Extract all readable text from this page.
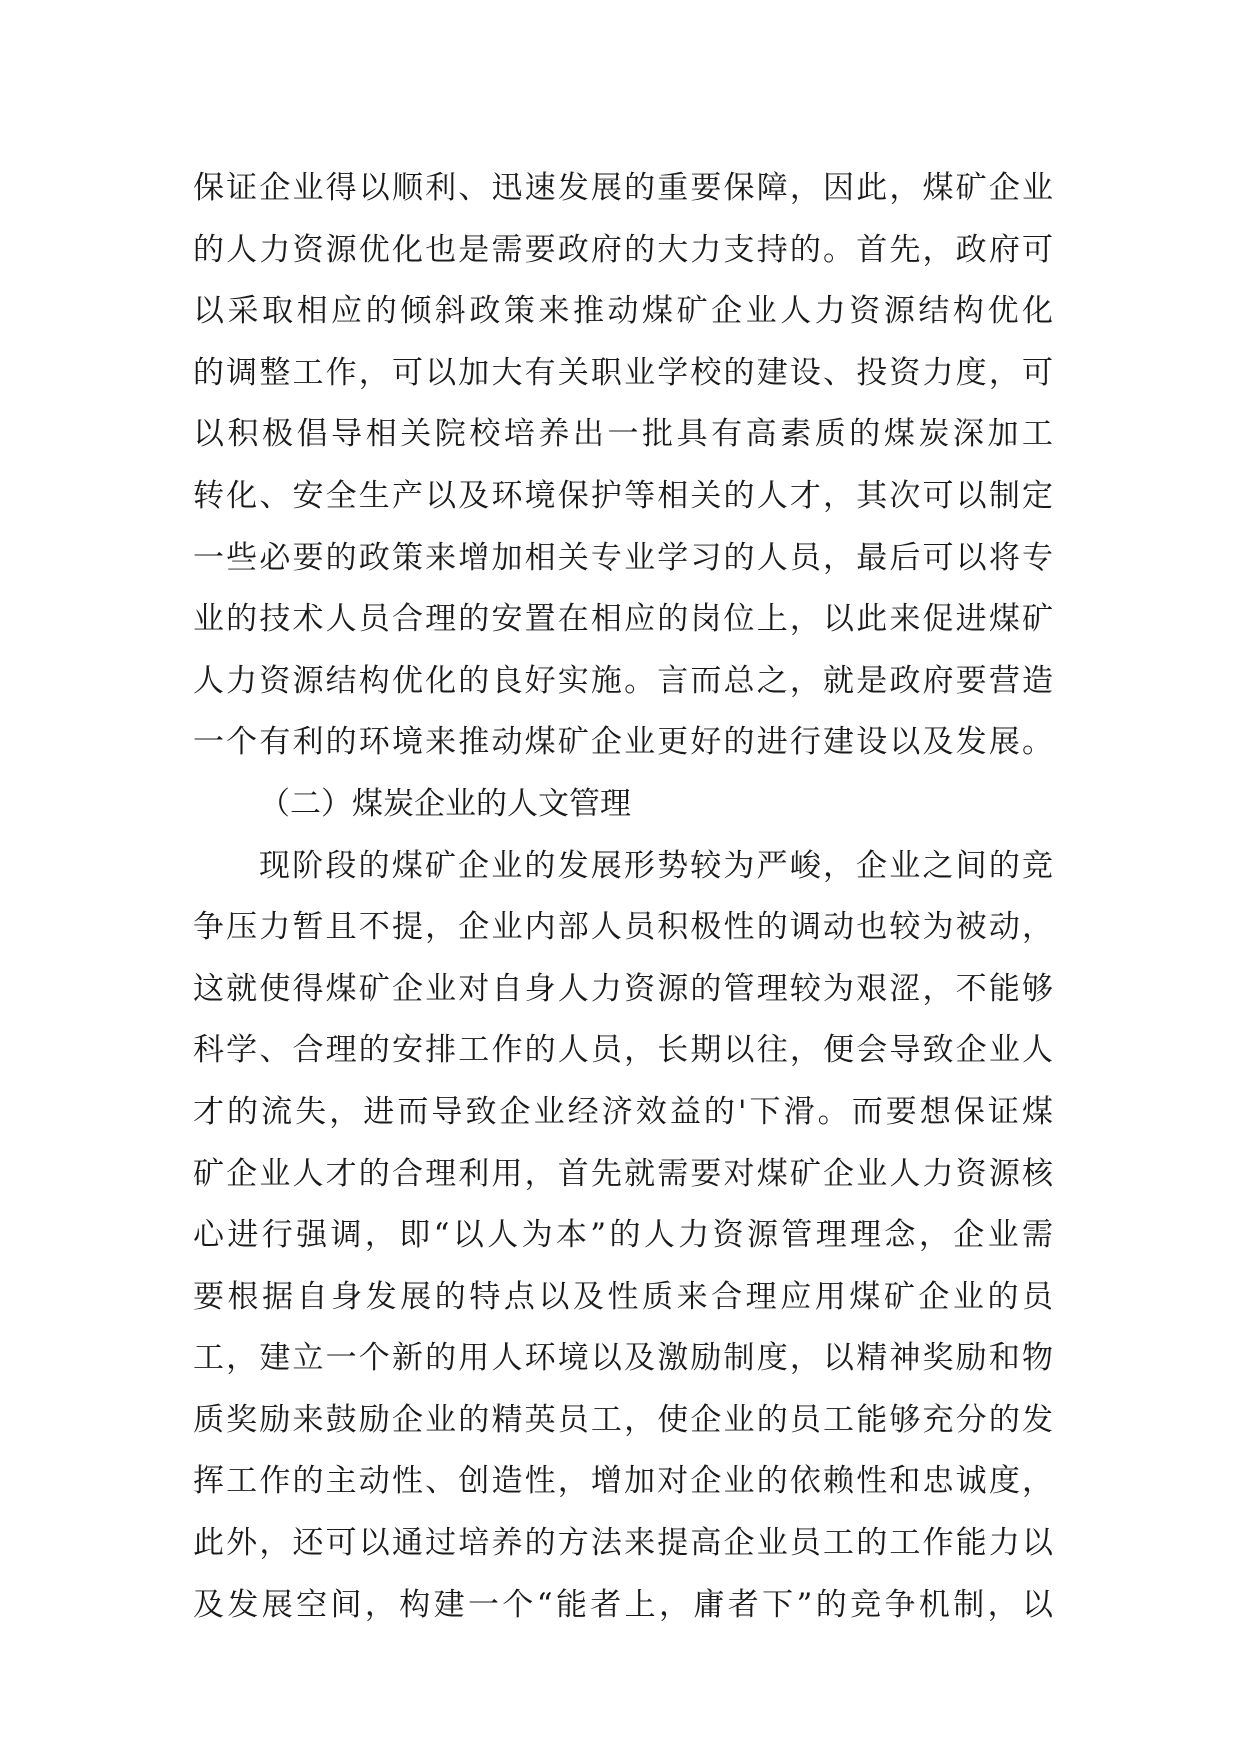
保证企业得以顺利、迅速发展的重要保障，因此，煤矿企业
的人力资源优化也是需要政府的大力支持的。首先，政府可
以采取相应的倾斜政策来推动煤矿企业人力资源结构优化
的调整工作，可以加大有关职业学校的建设、投资力度，可
以积极倡导相关院校培养出一批具有高素质的煤炭深加工
转化、安全生产以及环境保护等相关的人才，其次可以制定
一些必要的政策来增加相关专业学习的人员，最后可以将专
业的技术人员合理的安置在相应的岗位上，以此来促进煤矿
人力资源结构优化的良好实施。言而总之，就是政府要营造
一个有利的环境来推动煤矿企业更好的进行建设以及发展。
（二）煤炭企业的人文管理
现阶段的煤矿企业的发展形势较为严峻，企业之间的竞
争压力暂且不提，企业内部人员积极性的调动也较为被动，
这就使得煤矿企业对自身人力资源的管理较为艰涩，不能够
科学、合理的安排工作的人员，长期以往，便会导致企业人
才的流失，进而导致企业经济效益的'下滑。而要想保证煤
矿企业人才的合理利用，首先就需要对煤矿企业人力资源核
心进行强调，即“以人为本”的人力资源管理理念，企业需
要根据自身发展的特点以及性质来合理应用煤矿企业的员
工，建立一个新的用人环境以及激励制度，以精神奖励和物
质奖励来鼓励企业的精英员工，使企业的员工能够充分的发
挥工作的主动性、创造性，增加对企业的依赖性和忠诚度，
此外，还可以通过培养的方法来提高企业员工的工作能力以
及发展空间，构建一个“能者上，庸者下”的竞争机制，以
